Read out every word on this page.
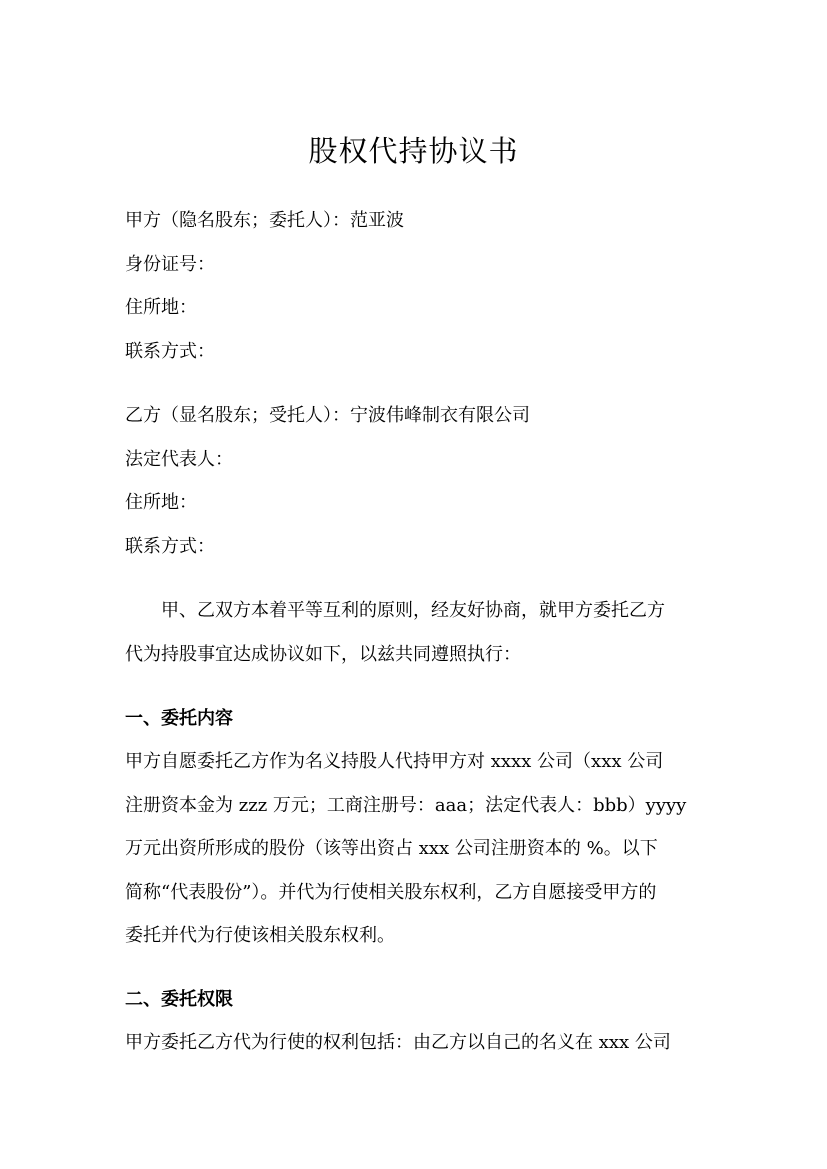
股权代持协议书
甲方（隐名股东；委托人）：范亚波
身份证号：
住所地：
联系方式：
乙方（显名股东；受托人）：宁波伟峰制衣有限公司
法定代表人：
住所地：
联系方式：
甲、乙双方本着平等互利的原则，经友好协商，就甲方委托乙方
代为持股事宜达成协议如下，以兹共同遵照执行：
一、委托内容
甲方自愿委托乙方作为名义持股人代持甲方对 xxxx 公司（xxx 公司
注册资本金为 zzz 万元；工商注册号：aaa；法定代表人：bbb）yyyy
万元出资所形成的股份（该等出资占 xxx 公司注册资本的 %。以下
简称“代表股份”）。并代为行使相关股东权利，乙方自愿接受甲方的
委托并代为行使该相关股东权利。
二、委托权限
甲方委托乙方代为行使的权利包括：由乙方以自己的名义在 xxx 公司
